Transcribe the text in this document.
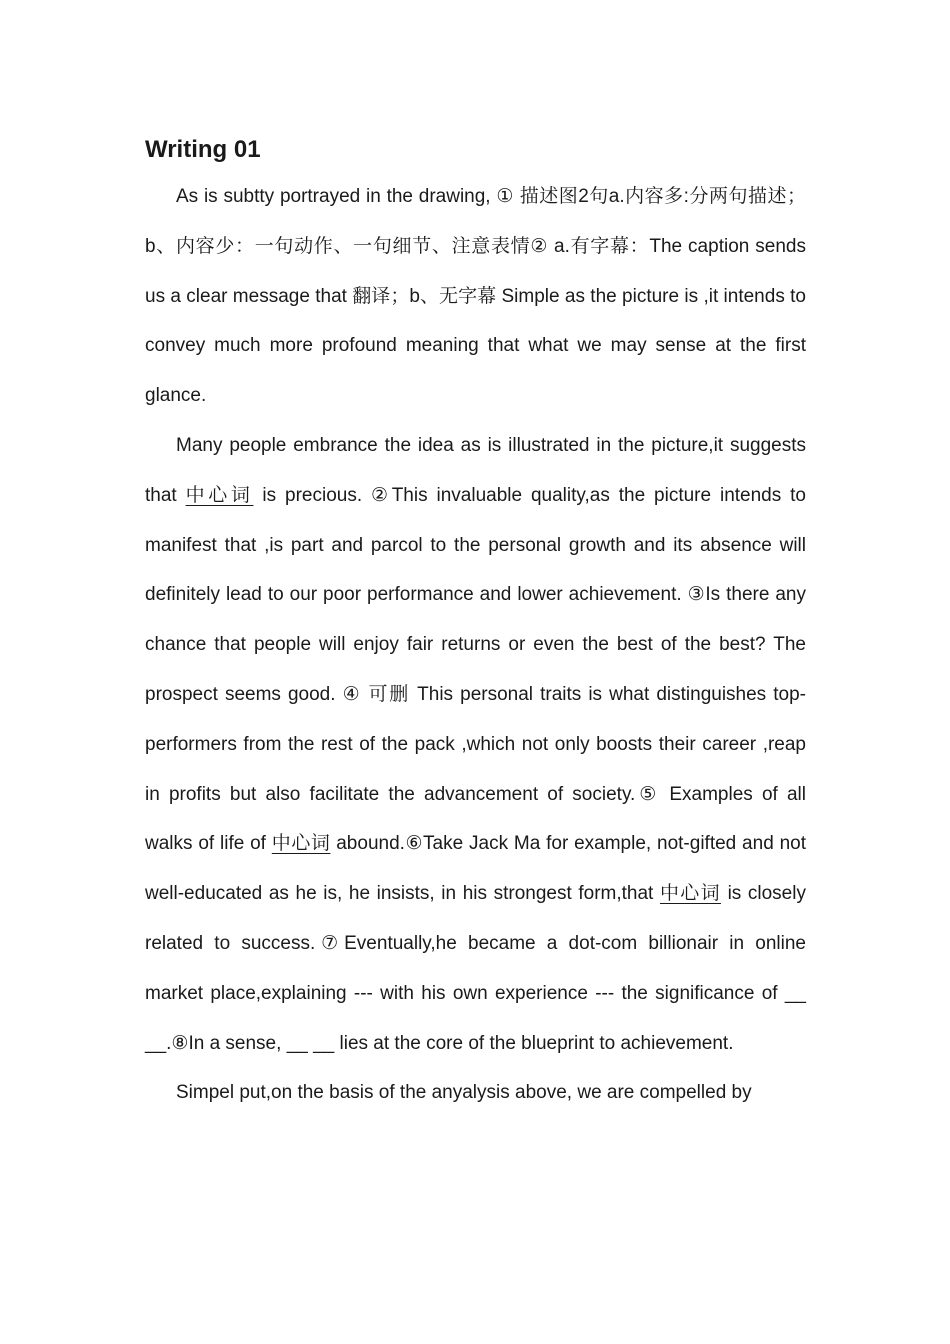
Writing 01

As is subtty portrayed in the drawing, ① 描述图2句a.内容多:分两句描述；b、内容少：一句动作、一句细节、注意表情② a.有字幕：The caption sends us a clear message that 翻译；b、无字幕 Simple as the picture is ,it intends to convey much more profound meaning that what we may sense at the first glance.

Many people embrance the idea as is illustrated in the picture,it suggests that 中心词 is precious. ②This invaluable quality,as the picture intends to manifest that ,is part and parcol to the personal growth and its absence will definitely lead to our poor performance and lower achievement. ③Is there any chance that people will enjoy fair returns or even the best of the best? The prospect seems good. ④ 可删 This personal traits is what distinguishes top-performers from the rest of the pack ,which not only boosts their career ,reap in profits but also facilitate the advancement of society.⑤ Examples of all walks of life of 中心词 abound.⑥Take Jack Ma for example, not-gifted and not well-educated as he is, he insists, in his strongest form,that 中心词 is closely related to success.⑦Eventually,he became a dot-com billionair in online market place,explaining --- with his own experience --- the significance of __ __.⑧In a sense, __ __ lies at the core of the blueprint to achievement.

Simpel put,on the basis of the anyalysis above, we are compelled by
